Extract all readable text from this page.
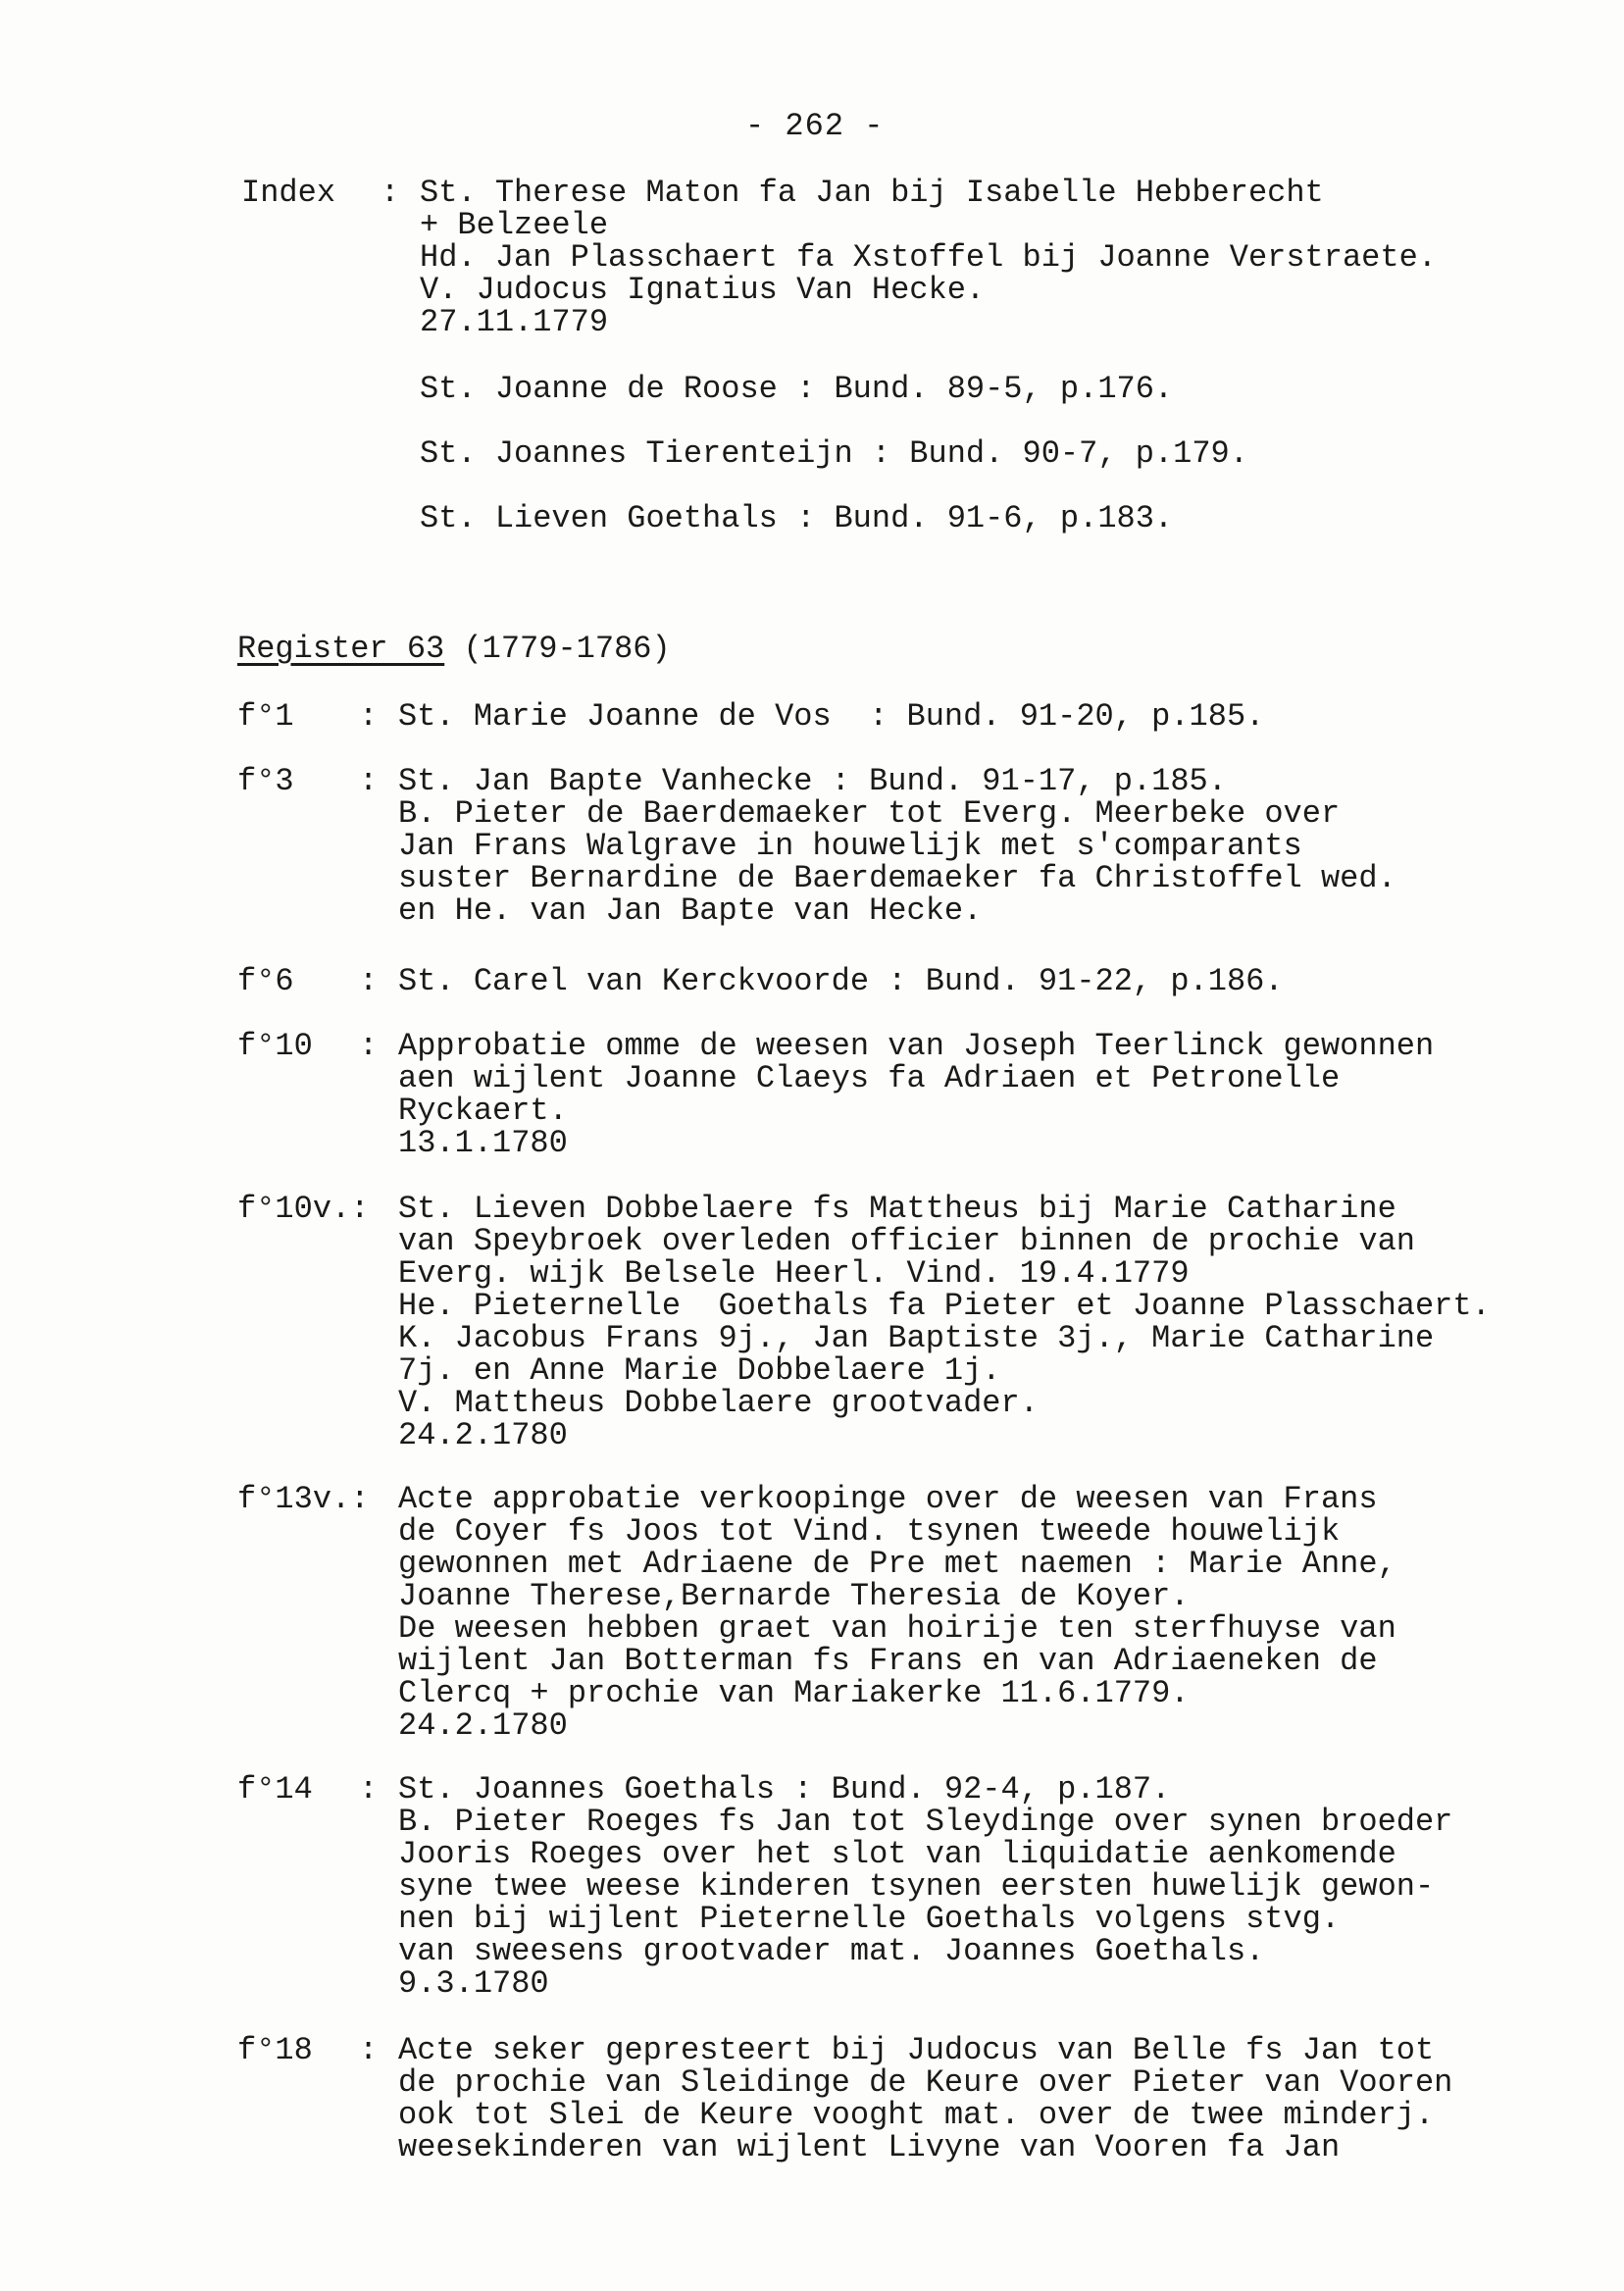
- 262 -
Index : St. Therese Maton fa Jan bij Isabelle Hebberecht
+ Belzeele
Hd. Jan Plasschaert fa Xstoffel bij Joanne Verstraete.
V. Judocus Ignatius Van Hecke.
27.11.1779
St. Joanne de Roose : Bund. 89-5, p.176.
St. Joannes Tierenteijn : Bund. 90-7, p.179.
St. Lieven Goethals : Bund. 91-6, p.183.
Register 63 (1779-1786)
f°1 : St. Marie Joanne de Vos  : Bund. 91-20, p.185.
f°3 : St. Jan Bapte Vanhecke : Bund. 91-17, p.185.
B. Pieter de Baerdemaeker tot Everg. Meerbeke over
Jan Frans Walgrave in houwelijk met s'comparants
suster Bernardine de Baerdemaeker fa Christoffel wed.
en He. van Jan Bapte van Hecke.
f°6 : St. Carel van Kerckvoorde : Bund. 91-22, p.186.
f°10 : Approbatie omme de weesen van Joseph Teerlinck gewonnen
aen wijlent Joanne Claeys fa Adriaen et Petronelle
Ryckaert.
13.1.1780
f°10v.: St. Lieven Dobbelaere fs Mattheus bij Marie Catharine
van Speybroek overleden officier binnen de prochie van
Everg. wijk Belsele Heerl. Vind. 19.4.1779
He. Pieternelle  Goethals fa Pieter et Joanne Plasschaert.
K. Jacobus Frans 9j., Jan Baptiste 3j., Marie Catharine
7j. en Anne Marie Dobbelaere 1j.
V. Mattheus Dobbelaere grootvader.
24.2.1780
f°13v.: Acte approbatie verkoopinge over de weesen van Frans
de Coyer fs Joos tot Vind. tsynen tweede houwelijk
gewonnen met Adriaene de Pre met naemen : Marie Anne,
Joanne Therese,Bernarde Theresia de Koyer.
De weesen hebben graet van hoirije ten sterfhuyse van
wijlent Jan Botterman fs Frans en van Adriaeneken de
Clercq + prochie van Mariakerke 11.6.1779.
24.2.1780
f°14 : St. Joannes Goethals : Bund. 92-4, p.187.
B. Pieter Roeges fs Jan tot Sleydinge over synen broeder
Jooris Roeges over het slot van liquidatie aenkomende
syne twee weese kinderen tsynen eersten huwelijk gewon-
nen bij wijlent Pieternelle Goethals volgens stvg.
van sweesens grootvader mat. Joannes Goethals.
9.3.1780
f°18 : Acte seker gepresteert bij Judocus van Belle fs Jan tot
de prochie van Sleidinge de Keure over Pieter van Vooren
ook tot Slei de Keure vooght mat. over de twee minderj.
weesekinderen van wijlent Livyne van Vooren fa Jan
